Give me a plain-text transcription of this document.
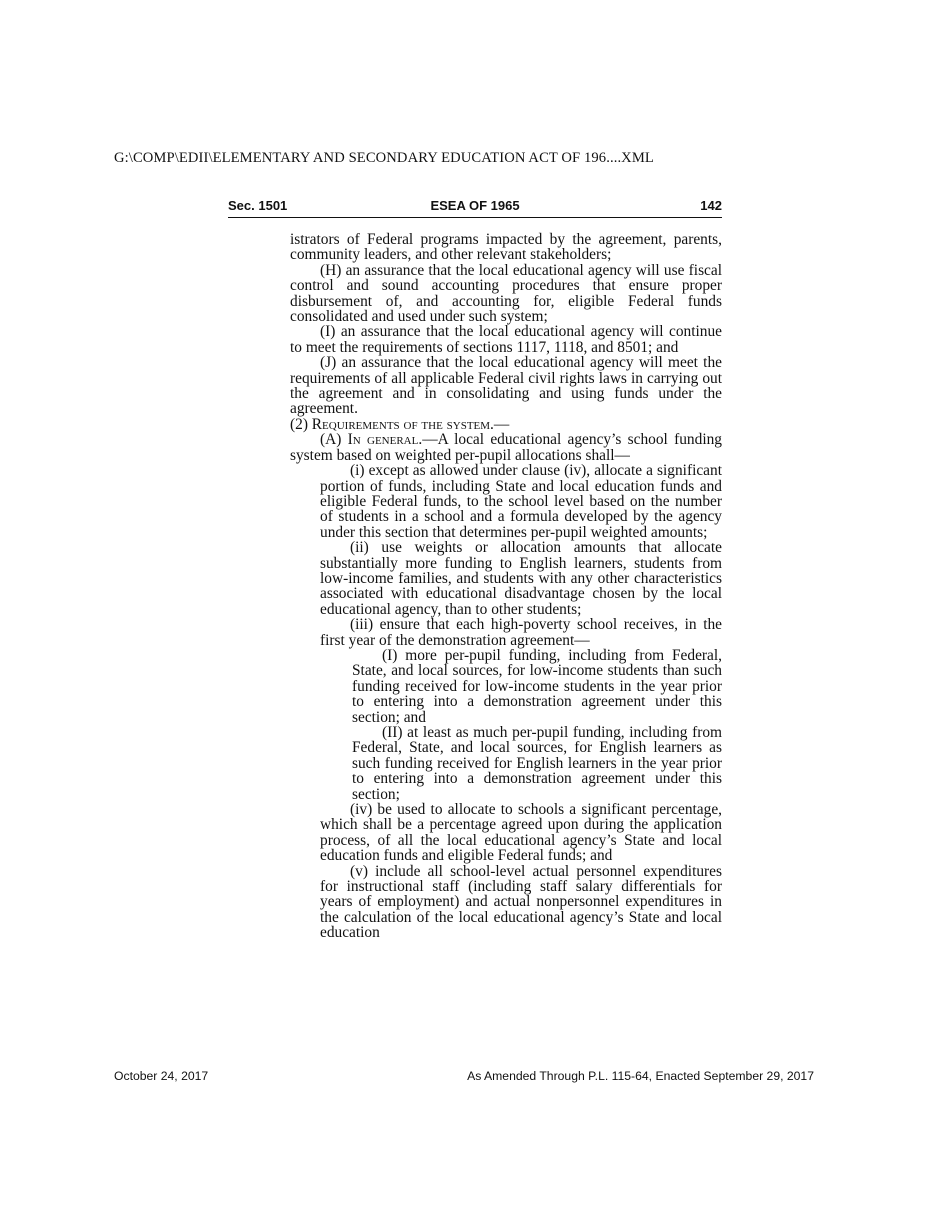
G:\COMP\EDII\ELEMENTARY AND SECONDARY EDUCATION ACT OF 196....XML
ESEA OF 1965
Sec. 1501	142

istrators of Federal programs impacted by the agreement, parents, community leaders, and other relevant stakeholders;

(H) an assurance that the local educational agency will use fiscal control and sound accounting procedures that ensure proper disbursement of, and accounting for, eligible Federal funds consolidated and used under such system;

(I) an assurance that the local educational agency will continue to meet the requirements of sections 1117, 1118, and 8501; and

(J) an assurance that the local educational agency will meet the requirements of all applicable Federal civil rights laws in carrying out the agreement and in consolidating and using funds under the agreement.

(2) Requirements of the system.—

(A) In general.—A local educational agency’s school funding system based on weighted per-pupil allocations shall—

(i) except as allowed under clause (iv), allocate a significant portion of funds, including State and local education funds and eligible Federal funds, to the school level based on the number of students in a school and a formula developed by the agency under this section that determines per-pupil weighted amounts;

(ii) use weights or allocation amounts that allocate substantially more funding to English learners, students from low-income families, and students with any other characteristics associated with educational disadvantage chosen by the local educational agency, than to other students;

(iii) ensure that each high-poverty school receives, in the first year of the demonstration agreement—

(I) more per-pupil funding, including from Federal, State, and local sources, for low-income students than such funding received for low-income students in the year prior to entering into a demonstration agreement under this section; and

(II) at least as much per-pupil funding, including from Federal, State, and local sources, for English learners as such funding received for English learners in the year prior to entering into a demonstration agreement under this section;

(iv) be used to allocate to schools a significant percentage, which shall be a percentage agreed upon during the application process, of all the local educational agency’s State and local education funds and eligible Federal funds; and

(v) include all school-level actual personnel expenditures for instructional staff (including staff salary differentials for years of employment) and actual nonpersonnel expenditures in the calculation of the local educational agency’s State and local education

October 24, 2017	As Amended Through P.L. 115-64, Enacted September 29, 2017
